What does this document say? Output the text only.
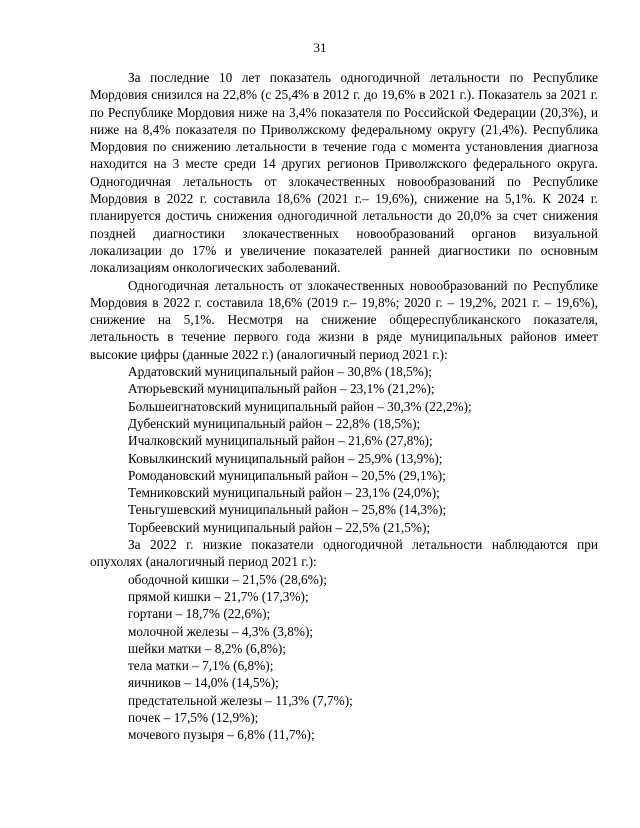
31

За последние 10 лет показатель одногодичной летальности по Республике Мордовия снизился на 22,8% (с 25,4% в 2012 г. до 19,6% в 2021 г.). Показатель за 2021 г. по Республике Мордовия ниже на 3,4% показателя по Российской Федерации (20,3%), и ниже на 8,4% показателя по Приволжскому федеральному округу (21,4%). Республика Мордовия по снижению летальности в течение года с момента установления диагноза находится на 3 месте среди 14 других регионов Приволжского федерального округа. Одногодичная летальность от злокачественных новообразований по Республике Мордовия в 2022 г. составила 18,6% (2021 г.– 19,6%), снижение на 5,1%. К 2024 г. планируется достичь снижения одногодичной летальности до 20,0% за счет снижения поздней диагностики злокачественных новообразований органов визуальной локализации до 17% и увеличение показателей ранней диагностики по основным локализациям онкологических заболеваний.

Одногодичная летальность от злокачественных новообразований по Республике Мордовия в 2022 г. составила 18,6% (2019 г.– 19,8%; 2020 г. – 19,2%, 2021 г. – 19,6%), снижение на 5,1%. Несмотря на снижение общереспубликанского показателя, летальность в течение первого года жизни в ряде муниципальных районов имеет высокие цифры (данные 2022 г.) (аналогичный период 2021 г.):

Ардатовский муниципальный район – 30,8% (18,5%);
Атюрьевский муниципальный район – 23,1% (21,2%);
Большеигнатовский муниципальный район – 30,3% (22,2%);
Дубенский муниципальный район – 22,8% (18,5%);
Ичалковский муниципальный район – 21,6% (27,8%);
Ковылкинский муниципальный район – 25,9% (13,9%);
Ромодановский муниципальный район – 20,5% (29,1%);
Темниковский муниципальный район – 23,1% (24,0%);
Теньгушевский муниципальный район – 25,8% (14,3%);
Торбеевский муниципальный район – 22,5% (21,5%);

За 2022 г. низкие показатели одногодичной летальности наблюдаются при опухолях (аналогичный период 2021 г.):

ободочной кишки – 21,5% (28,6%);
прямой кишки – 21,7% (17,3%);
гортани – 18,7% (22,6%);
молочной железы – 4,3% (3,8%);
шейки матки – 8,2% (6,8%);
тела матки – 7,1% (6,8%);
яичников – 14,0% (14,5%);
предстательной железы – 11,3% (7,7%);
почек – 17,5% (12,9%);
мочевого пузыря – 6,8% (11,7%);
